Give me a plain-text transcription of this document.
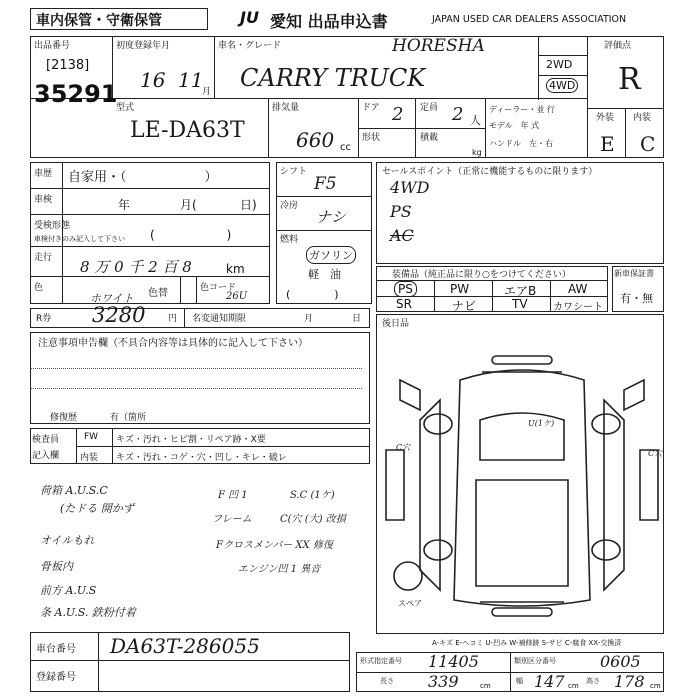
車内保管・守衛保管	JU 愛知 出品申込書	JAPAN USED CAR DEALERS ASSOCIATION
出品番号
[2138]
35291
初度登録年月
16 11
月
車名・グレード	HORESHA
CARRY TRUCK	2WD
4WD
評価点
R
外装 内装
E C
型式
LE-DA63T
排気量
660 cc
ドア 2 定員 2 人
形状	積載
kg
ディーラー・並 行
モデル　年 式
ハンドル　左・右
車歴 自家用・（　　　　　　）
車検	年	月(	日)
受検形態
車検付きのみ記入して下さい (　　　　　　)
走行 8 万 0 千 2 百 8	km
色
ホワイト 色替	色コード
26U
シフト
F5
冷房
ナシ
燃料
ガソリン
軽　油
(　　　　)
セールスポイント（正常に機能するものに限ります）
4WD
PS
AC
装備品（純正品に限り○をつけてください）
PS	PW	エアB	AW
SR	ナビ	TV	カワシート
新車保証書
有・無
R券 3280	円 名変通知期限	月	日 後日品
注意事項申告欄（不具合内容等は具体的に記入して下さい）
修復歴	有（箇所
検査員
記入欄
FW キズ・汚れ・ヒビ割・リペア跡・X要
内装 キズ・汚れ・コゲ・穴・凹し・キレ・破レ
荷箱 A.U.S.C
(たドる 開かず
オイルもれ
骨板内
前方 A.U.S
条 A.U.S. 鉄粉付着
F 凹 1	S.C (1ケ)
フレーム	C(穴 (大) 改損
Fクロスメンバー XX 修復
エンジン凹 1 異音
U(1ケ)
C穴
C穴
スペア
A-キズ E-ヘコミ U-凹み W-補修跡 S-サビ C-腐食 XX-交換済
車台番号 DA63T-286055
登録番号
形式指定番号 11405	類別区分番号	0605
長さ 339	cm
幅 147 cm
高さ 178 cm
